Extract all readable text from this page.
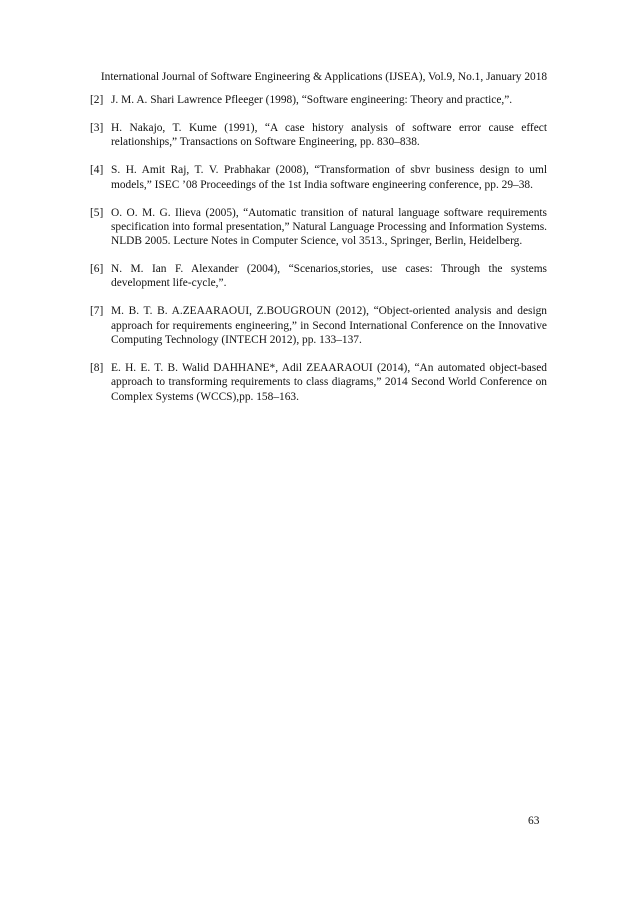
International Journal of Software Engineering & Applications (IJSEA), Vol.9, No.1, January 2018
[2] J. M. A. Shari Lawrence Pfleeger (1998), “Software engineering: Theory and practice,”.
[3] H. Nakajo, T. Kume (1991), “A case history analysis of software error cause effect relationships,” Transactions on Software Engineering, pp. 830–838.
[4] S. H. Amit Raj, T. V. Prabhakar (2008), “Transformation of sbvr business design to uml models,” ISEC ’08 Proceedings of the 1st India software engineering conference, pp. 29–38.
[5] O. O. M. G. Ilieva (2005), “Automatic transition of natural language software requirements specification into formal presentation,” Natural Language Processing and Information Systems. NLDB 2005. Lecture Notes in Computer Science, vol 3513., Springer, Berlin, Heidelberg.
[6] N. M. Ian F. Alexander (2004), “Scenarios,stories, use cases: Through the systems development life-cycle,”.
[7] M. B. T. B. A.ZEAARAOUI, Z.BOUGROUN (2012), “Object-oriented analysis and design approach for requirements engineering,” in Second International Conference on the Innovative Computing Technology (INTECH 2012), pp. 133–137.
[8] E. H. E. T. B. Walid DAHHANE*, Adil ZEAARAOUI (2014), “An automated object-based approach to transforming requirements to class diagrams,” 2014 Second World Conference on Complex Systems (WCCS),pp. 158–163.
63
